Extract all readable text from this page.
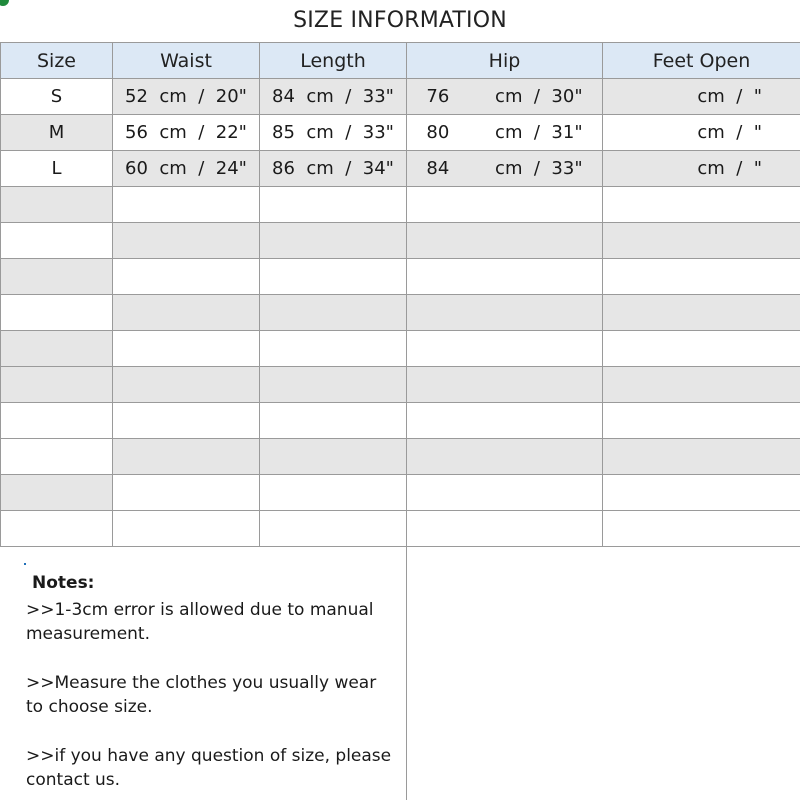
SIZE INFORMATION
Size	Waist	Length	Hip	Feet Open
S	52  cm  /  20"	84  cm  /  33"	76        cm  /  30"	cm  /  "
M	56  cm  /  22"	85  cm  /  33"	80        cm  /  31"	cm  /  "
L	60  cm  /  24"	86  cm  /  34"	84        cm  /  33"	cm  /  "

Notes:
>>1-3cm error is allowed due to manual measurement.
>>Measure the clothes you usually wear to choose size.
>>if you have any question of size, please contact us.
